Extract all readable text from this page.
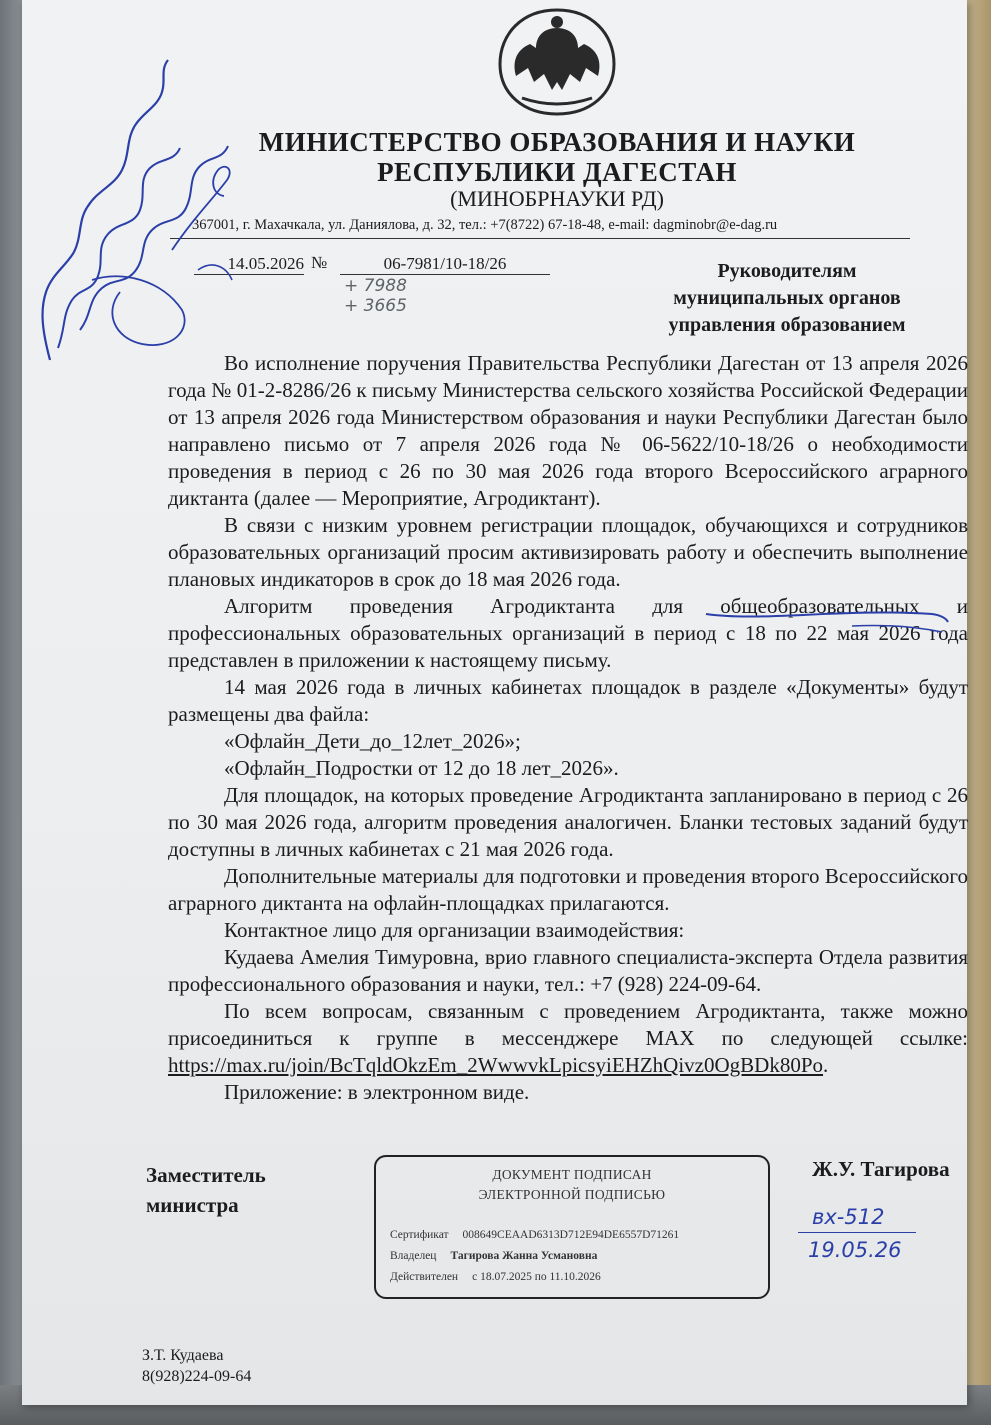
МИНИСТЕРСТВО ОБРАЗОВАНИЯ И НАУКИ
РЕСПУБЛИКИ ДАГЕСТАН
(МИНОБРНАУКИ РД)
367001, г. Махачкала, ул. Даниялова, д. 32, тел.: +7(8722) 67-18-48, e-mail: dagminobr@e-dag.ru
14.05.2026 №	06-7981/10-18/26
+ 7988
+ 3665
Руководителям
муниципальных органов
управления образованием

Во исполнение поручения Правительства Республики Дагестан от 13 апреля 2026 года № 01-2-8286/26 к письму Министерства сельского хозяйства Российской Федерации от 13 апреля 2026 года Министерством образования и науки Республики Дагестан было направлено письмо от 7 апреля 2026 года № 06-5622/10-18/26 о необходимости проведения в период с 26 по 30 мая 2026 года второго Всероссийского аграрного диктанта (далее — Мероприятие, Агродиктант).

В связи с низким уровнем регистрации площадок, обучающихся и сотрудников образовательных организаций просим активизировать работу и обеспечить выполнение плановых индикаторов в срок до 18 мая 2026 года.

Алгоритм проведения Агродиктанта для общеобразовательных и профессиональных образовательных организаций в период с 18 по 22 мая 2026 года представлен в приложении к настоящему письму.

14 мая 2026 года в личных кабинетах площадок в разделе «Документы» будут размещены два файла:

«Офлайн_Дети_до_12лет_2026»;

«Офлайн_Подростки от 12 до 18 лет_2026».

Для площадок, на которых проведение Агродиктанта запланировано в период с 26 по 30 мая 2026 года, алгоритм проведения аналогичен. Бланки тестовых заданий будут доступны в личных кабинетах с 21 мая 2026 года.

Дополнительные материалы для подготовки и проведения второго Всероссийского аграрного диктанта на офлайн-площадках прилагаются.

Контактное лицо для организации взаимодействия:

Кудаева Амелия Тимуровна, врио главного специалиста-эксперта Отдела развития профессионального образования и науки, тел.: +7 (928) 224-09-64.

По всем вопросам, связанным с проведением Агродиктанта, также можно присоединиться к группе в мессенджере MAX по следующей ссылке: https://max.ru/join/BcTqldOkzEm_2WwwvkLpicsyiEHZhQivz0OgBDk80Po.

Приложение: в электронном виде.

Заместитель
министра
ДОКУМЕНТ ПОДПИСАН
ЭЛЕКТРОННОЙ ПОДПИСЬЮ
Сертификат 008649CEAAD6313D712E94DE6557D71261
Владелец Тагирова Жанна Усмановна
Действителен с 18.07.2025 по 11.10.2026
Ж.У. Тагирова
вх-512
19.05.26
З.Т. Кудаева
8(928)224-09-64
